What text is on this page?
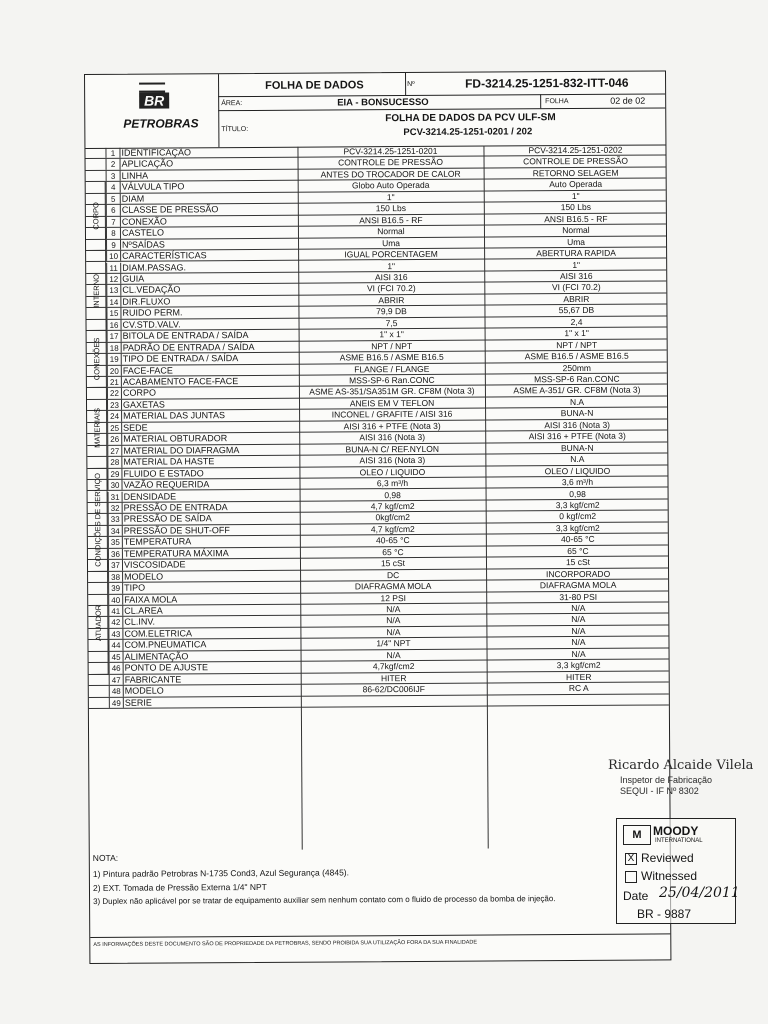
BR
PETROBRAS
FOLHA DE DADOS	Nº	FD-3214.25-1251-832-ITT-046
ÁREA:	EIA - BONSUCESSO	FOLHA	02 de 02
TÍTULO:
FOLHA DE DADOS DA PCV ULF-SM
PCV-3214.25-1251-0201 / 202
1 IDENTIFICAÇÃO	PCV-3214.25-1251-0201	PCV-3214.25-1251-0202
2 APLICAÇÃO	CONTROLE DE PRESSÃO	CONTROLE DE PRESSÃO
3 LINHA	ANTES DO TROCADOR DE CALOR	RETORNO SELAGEM
4 VÁLVULA TIPO	Globo Auto Operada	Auto Operada
5 DIAM	1"	1"
6 CLASSE DE PRESSÃO	150 Lbs	150 Lbs
7 CONEXÃO	ANSI B16.5 - RF	ANSI B16.5 - RF
8 CASTELO	Normal	Normal
9 NºSAÍDAS	Uma	Uma
10 CARACTERÍSTICAS	IGUAL PORCENTAGEM	ABERTURA RAPIDA
11 DIAM.PASSAG.	1"	1"
12 GUIA	AISI 316	AISI 316
13 CL.VEDAÇÃO	VI (FCI 70.2)	VI (FCI 70.2)
14 DIR.FLUXO	ABRIR	ABRIR
15 RUIDO PERM.	79,9 DB	55,67 DB
16 CV.STD.VALV.	7,5	2,4
17 BITOLA DE ENTRADA / SAÍDA	1" x 1"	1" x 1"
18 PADRÃO DE ENTRADA / SAÍDA	NPT / NPT	NPT / NPT
19 TIPO DE ENTRADA / SAÍDA	ASME B16.5 / ASME B16.5	ASME B16.5 / ASME B16.5
20 FACE-FACE	FLANGE / FLANGE	250mm
21 ACABAMENTO FACE-FACE	MSS-SP-6 Ran.CONC	MSS-SP-6 Ran.CONC
22 CORPO	ASME AS-351/SA351M GR. CF8M (Nota 3)	ASME A-351/ GR. CF8M (Nota 3)
23 GAXETAS	ANEIS EM V TEFLON	N.A
24 MATERIAL DAS JUNTAS	INCONEL / GRAFITE / AISI 316	BUNA-N
25 SEDE	AISI 316 + PTFE (Nota 3)	AISI 316 (Nota 3)
26 MATERIAL OBTURADOR	AISI 316 (Nota 3)	AISI 316 + PTFE (Nota 3)
27 MATERIAL DO DIAFRAGMA	BUNA-N C/ REF.NYLON	BUNA-N
28 MATERIAL DA HASTE	AISI 316 (Nota 3)	N.A
29 FLUIDO E ESTADO	OLEO / LIQUIDO	OLEO / LIQUIDO
30 VAZÃO REQUERIDA	6,3 m³/h	3,6 m³/h
31 DENSIDADE	0,98	0,98
32 PRESSÃO DE ENTRADA	4,7 kgf/cm2	3,3 kgf/cm2
33 PRESSÃO DE SAÍDA	0kgf/cm2	0 kgf/cm2
34 PRESSÃO DE SHUT-OFF	4,7 kgf/cm2	3,3 kgf/cm2
35 TEMPERATURA	40-65 °C	40-65 °C
36 TEMPERATURA MÁXIMA	65 °C	65 °C
37 VISCOSIDADE	15 cSt	15 cSt
38 MODELO	DC	INCORPORADO
39 TIPO	DIAFRAGMA MOLA	DIAFRAGMA MOLA
40 FAIXA MOLA	12 PSI	31-80 PSI
41 CL.AREA	N/A	N/A
42 CL.INV.	N/A	N/A
43 COM.ELETRICA	N/A	N/A
44 COM.PNEUMATICA	1/4" NPT	N/A
45 ALIMENTAÇÃO	N/A	N/A
46 PONTO DE AJUSTE	4,7kgf/cm2	3,3 kgf/cm2
47 FABRICANTE	HITER	HITER
48 MODELO	86-62/DC006IJF	RC A
49 SERIE
CORPO
INTERNO
CONEXÕES
MATERIAIS
CONDIÇÕES DE SERVIÇO
ATUADOR
NOTA:
1) Pintura padrão Petrobras N-1735 Cond3, Azul Segurança (4845).
2) EXT. Tomada de Pressão Externa 1/4" NPT
3) Duplex não aplicável por se tratar de equipamento auxiliar sem nenhum contato com o fluido de processo da bomba de injeção.
AS INFORMAÇÕES DESTE DOCUMENTO SÃO DE PROPRIEDADE DA PETROBRAS, SENDO PROIBIDA SUA UTILIZAÇÃO FORA DA SUA FINALIDADE
Ricardo Alcaide Vilela
Inspetor de Fabricação
SEQUI - IF Nº 8302
M MOODY
INTERNATIONAL
X Reviewed
Witnessed
Date 25/04/2011
BR - 9887
